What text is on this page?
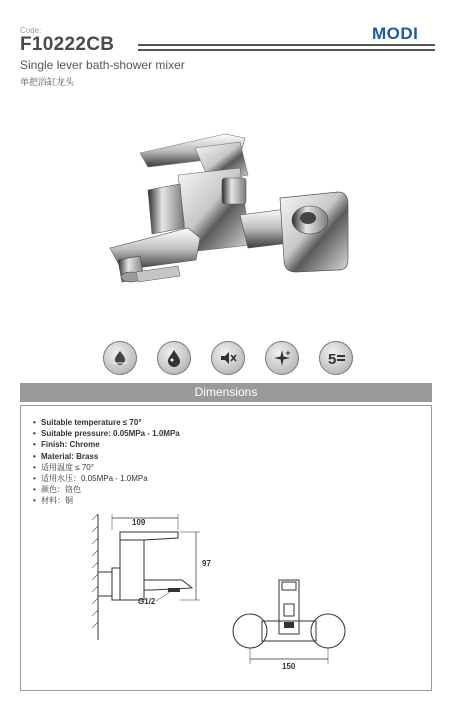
Code:
F10222CB
MODI
Single lever bath-shower mixer
单把浴缸龙头
5
Dimensions
• Suitable temperature ≤ 70°
• Suitable pressure: 0.05MPa - 1.0MPa
• Finish: Chrome
• Material: Brass
• 适用温度 ≤ 70°
• 适用水压：0.05MPa - 1.0MPa
• 颜色：铬色
• 材料：铜
109
97
G1/2
150
